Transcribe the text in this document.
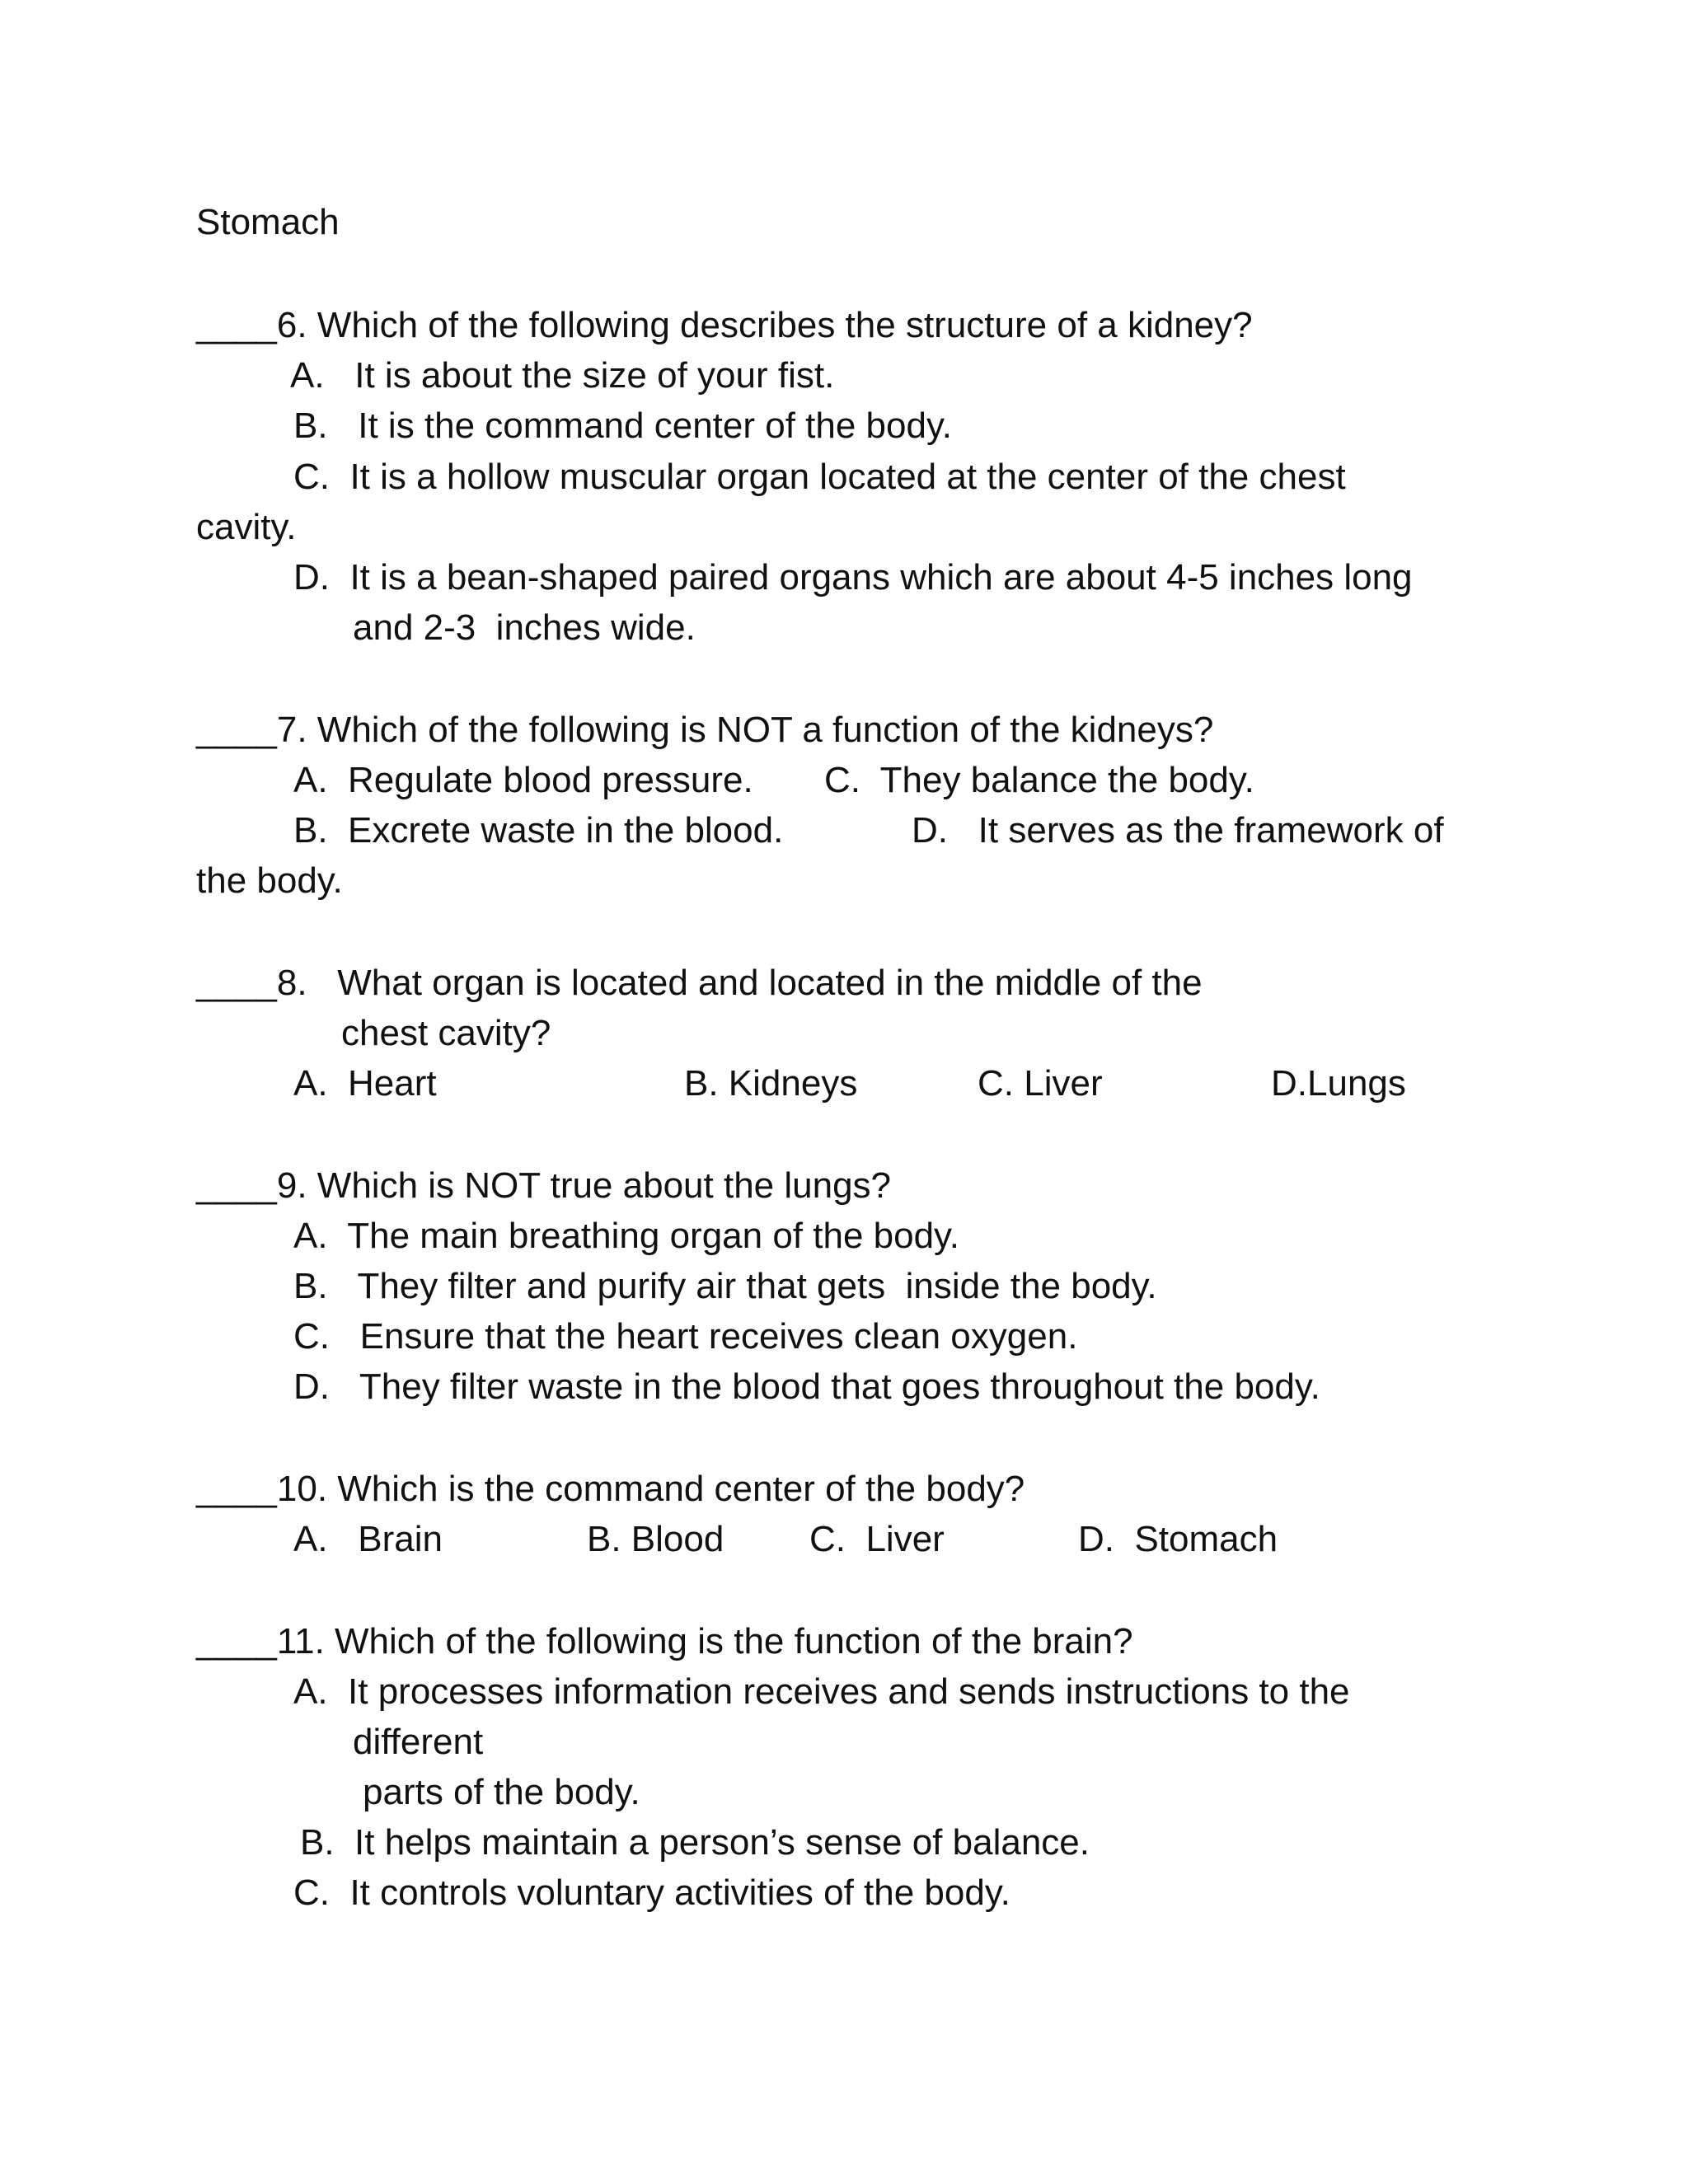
Stomach
____6. Which of the following describes the structure of a kidney?
A.   It is about the size of your fist.
B.   It is the command center of the body.
C.  It is a hollow muscular organ located at the center of the chest
cavity.
D.  It is a bean-shaped paired organs which are about 4-5 inches long
and 2-3  inches wide.
____7. Which of the following is NOT a function of the kidneys?
A.  Regulate blood pressure. C.  They balance the body.
B.  Excrete waste in the blood.	D.   It serves as the framework of
the body.
____8.   What organ is located and located in the middle of the
chest cavity?
A.  Heart	B. Kidneys	C. Liver	D.Lungs
____9. Which is NOT true about the lungs?
A.  The main breathing organ of the body.
B.   They filter and purify air that gets  inside the body.
C.   Ensure that the heart receives clean oxygen.
D.   They filter waste in the blood that goes throughout the body.
____10. Which is the command center of the body?
A.   Brain	B. Blood C.  Liver	D.  Stomach
____11. Which of the following is the function of the brain?
A.  It processes information receives and sends instructions to the
different
parts of the body.
B.  It helps maintain a person’s sense of balance.
C.  It controls voluntary activities of the body.
